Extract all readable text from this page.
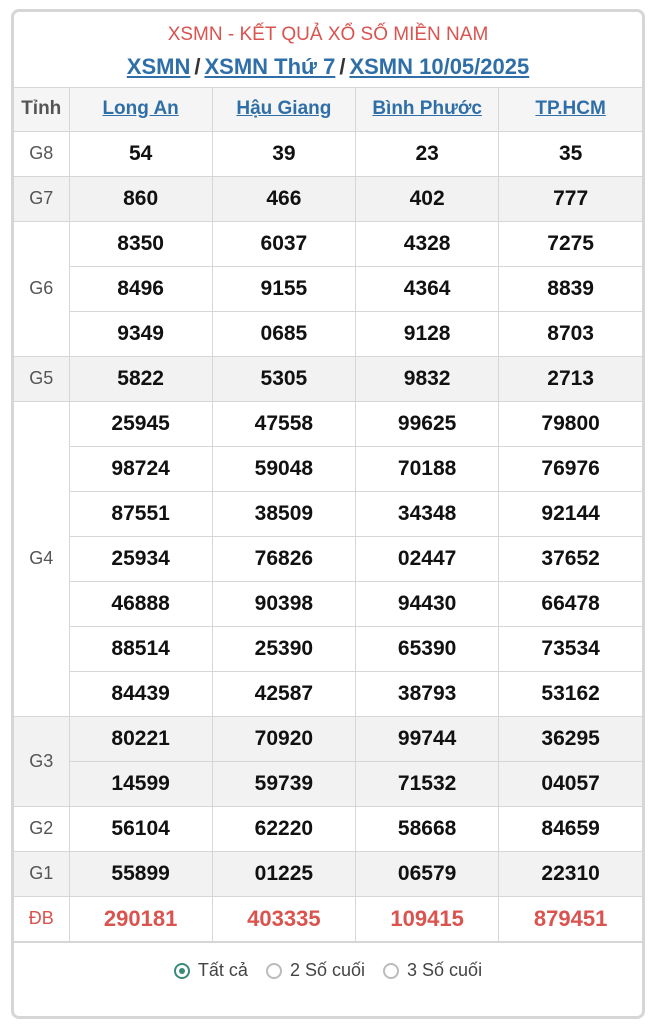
XSMN - KẾT QUẢ XỔ SỐ MIỀN NAM
XSMN / XSMN Thứ 7 / XSMN 10/05/2025
Tỉnh	Long An	Hậu Giang	Bình Phước	TP.HCM
G8	54	39	23	35
G7	860	466	402	777
G6	8350	6037	4328	7275
	8496	9155	4364	8839
	9349	0685	9128	8703
G5	5822	5305	9832	2713
G4	25945	47558	99625	79800
	98724	59048	70188	76976
	87551	38509	34348	92144
	25934	76826	02447	37652
	46888	90398	94430	66478
	88514	25390	65390	73534
	84439	42587	38793	53162
G3	80221	70920	99744	36295
	14599	59739	71532	04057
G2	56104	62220	58668	84659
G1	55899	01225	06579	22310
ĐB	290181	403335	109415	879451
Tất cả 2 Số cuối 3 Số cuối
